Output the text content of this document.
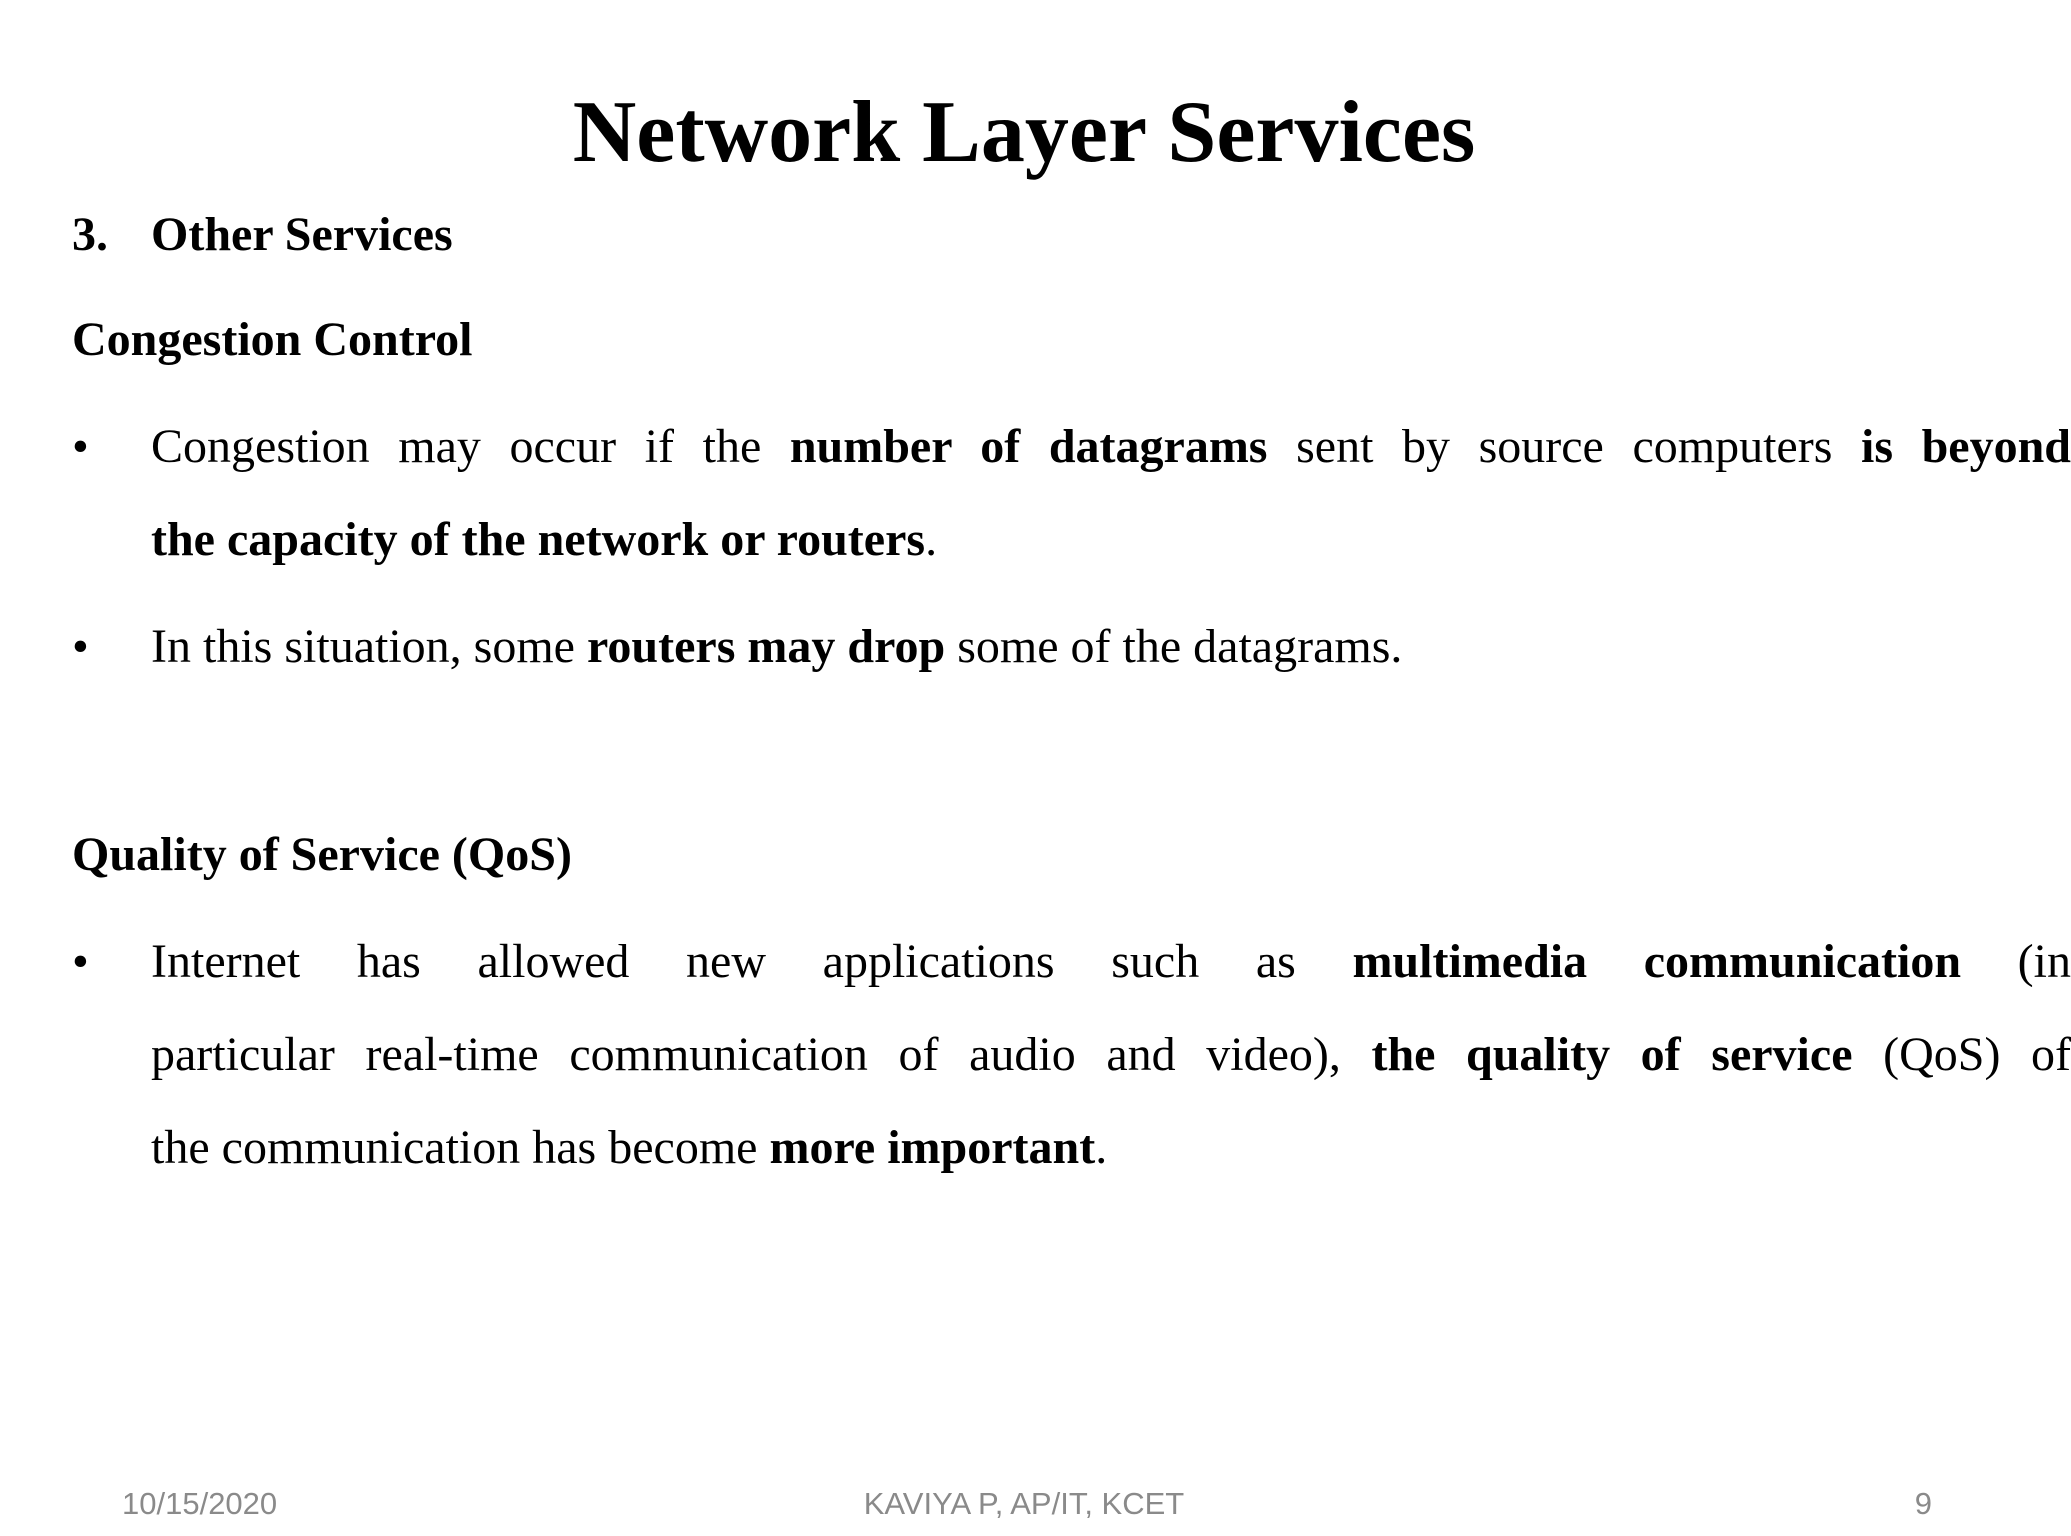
Network Layer Services
3. Other Services
Congestion Control
•	Congestion may occur if the number of datagrams sent by source computers is beyond
the capacity of the network or routers.
•	In this situation, some routers may drop some of the datagrams.
Quality of Service (QoS)
•	Internet has allowed new applications such as multimedia communication (in
particular real-time communication of audio and video), the quality of service (QoS) of
the communication has become more important.
10/15/2020	KAVIYA P, AP/IT, KCET	9
